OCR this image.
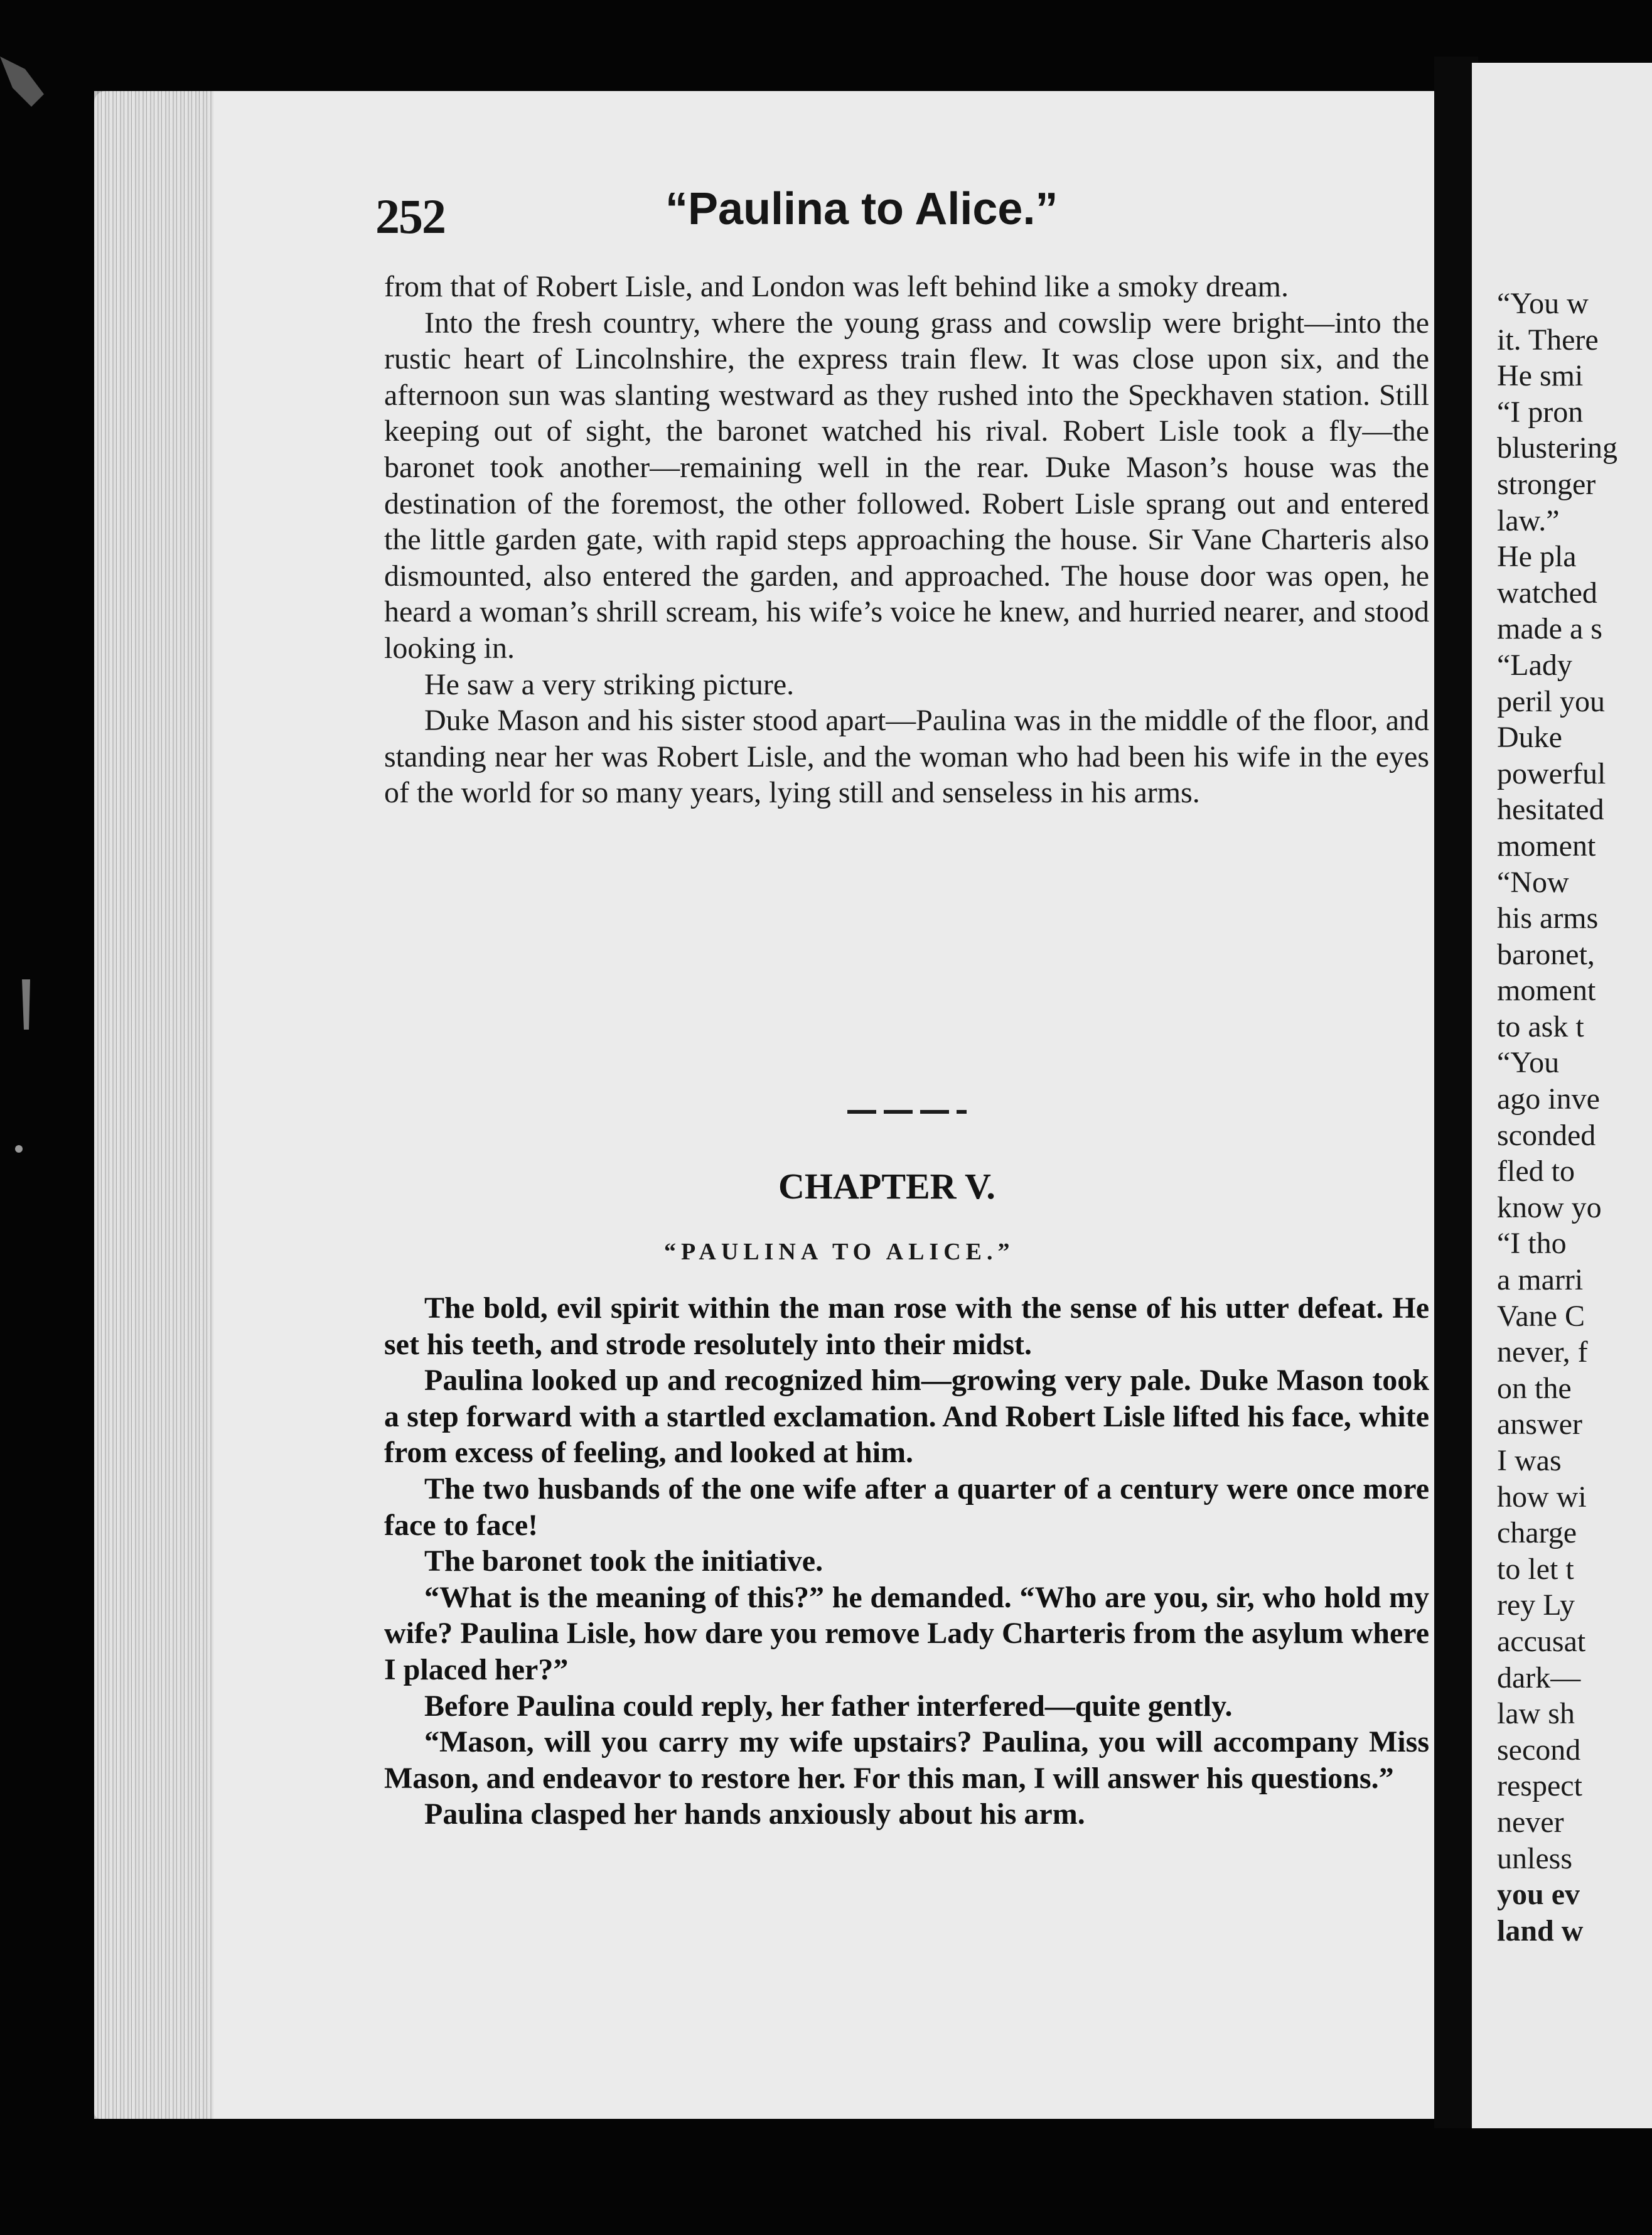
252	“Paulina to Alice.”

from that of Robert Lisle, and London was left behind like a smoky dream.

Into the fresh country, where the young grass and cowslip were bright—into the rustic heart of Lincolnshire, the express train flew. It was close upon six, and the afternoon sun was slanting westward as they rushed into the Speckhaven station. Still keeping out of sight, the baronet watched his rival. Robert Lisle took a fly—the baronet took another—remaining well in the rear. Duke Mason’s house was the destination of the foremost, the other followed. Robert Lisle sprang out and entered the little garden gate, with rapid steps approaching the house. Sir Vane Charteris also dismounted, also entered the garden, and approached. The house door was open, he heard a woman’s shrill scream, his wife’s voice he knew, and hurried nearer, and stood looking in.

He saw a very striking picture.

Duke Mason and his sister stood apart—Paulina was in the middle of the floor, and standing near her was Robert Lisle, and the woman who had been his wife in the eyes of the world for so many years, lying still and senseless in his arms.

CHAPTER V.
“PAULINA TO ALICE.”

The bold, evil spirit within the man rose with the sense of his utter defeat. He set his teeth, and strode resolutely into their midst.

Paulina looked up and recognized him—growing very pale. Duke Mason took a step forward with a startled exclamation. And Robert Lisle lifted his face, white from excess of feeling, and looked at him.

The two husbands of the one wife after a quarter of a century were once more face to face!

The baronet took the initiative.

“What is the meaning of this?” he demanded. “Who are you, sir, who hold my wife? Paulina Lisle, how dare you remove Lady Charteris from the asylum where I placed her?”

Before Paulina could reply, her father interfered—quite gently.

“Mason, will you carry my wife upstairs? Paulina, you will accompany Miss Mason, and endeavor to restore her. For this man, I will answer his questions.”

Paulina clasped her hands anxiously about his arm.

“You w
it. There
He smi
“I pron
blustering
stronger
law.”
He pla
watched
made a s
“Lady
peril you
Duke
powerful
hesitated
moment
“Now
his arms
baronet,
moment
to ask t
“You
ago inve
sconded
fled to
know yo
“I tho
a marri
Vane C
never, f
on the
answer
I was
how wi
charge
to let t
rey Ly
accusat
dark—
law sh
second
respect
never
unless
you ev
land w
